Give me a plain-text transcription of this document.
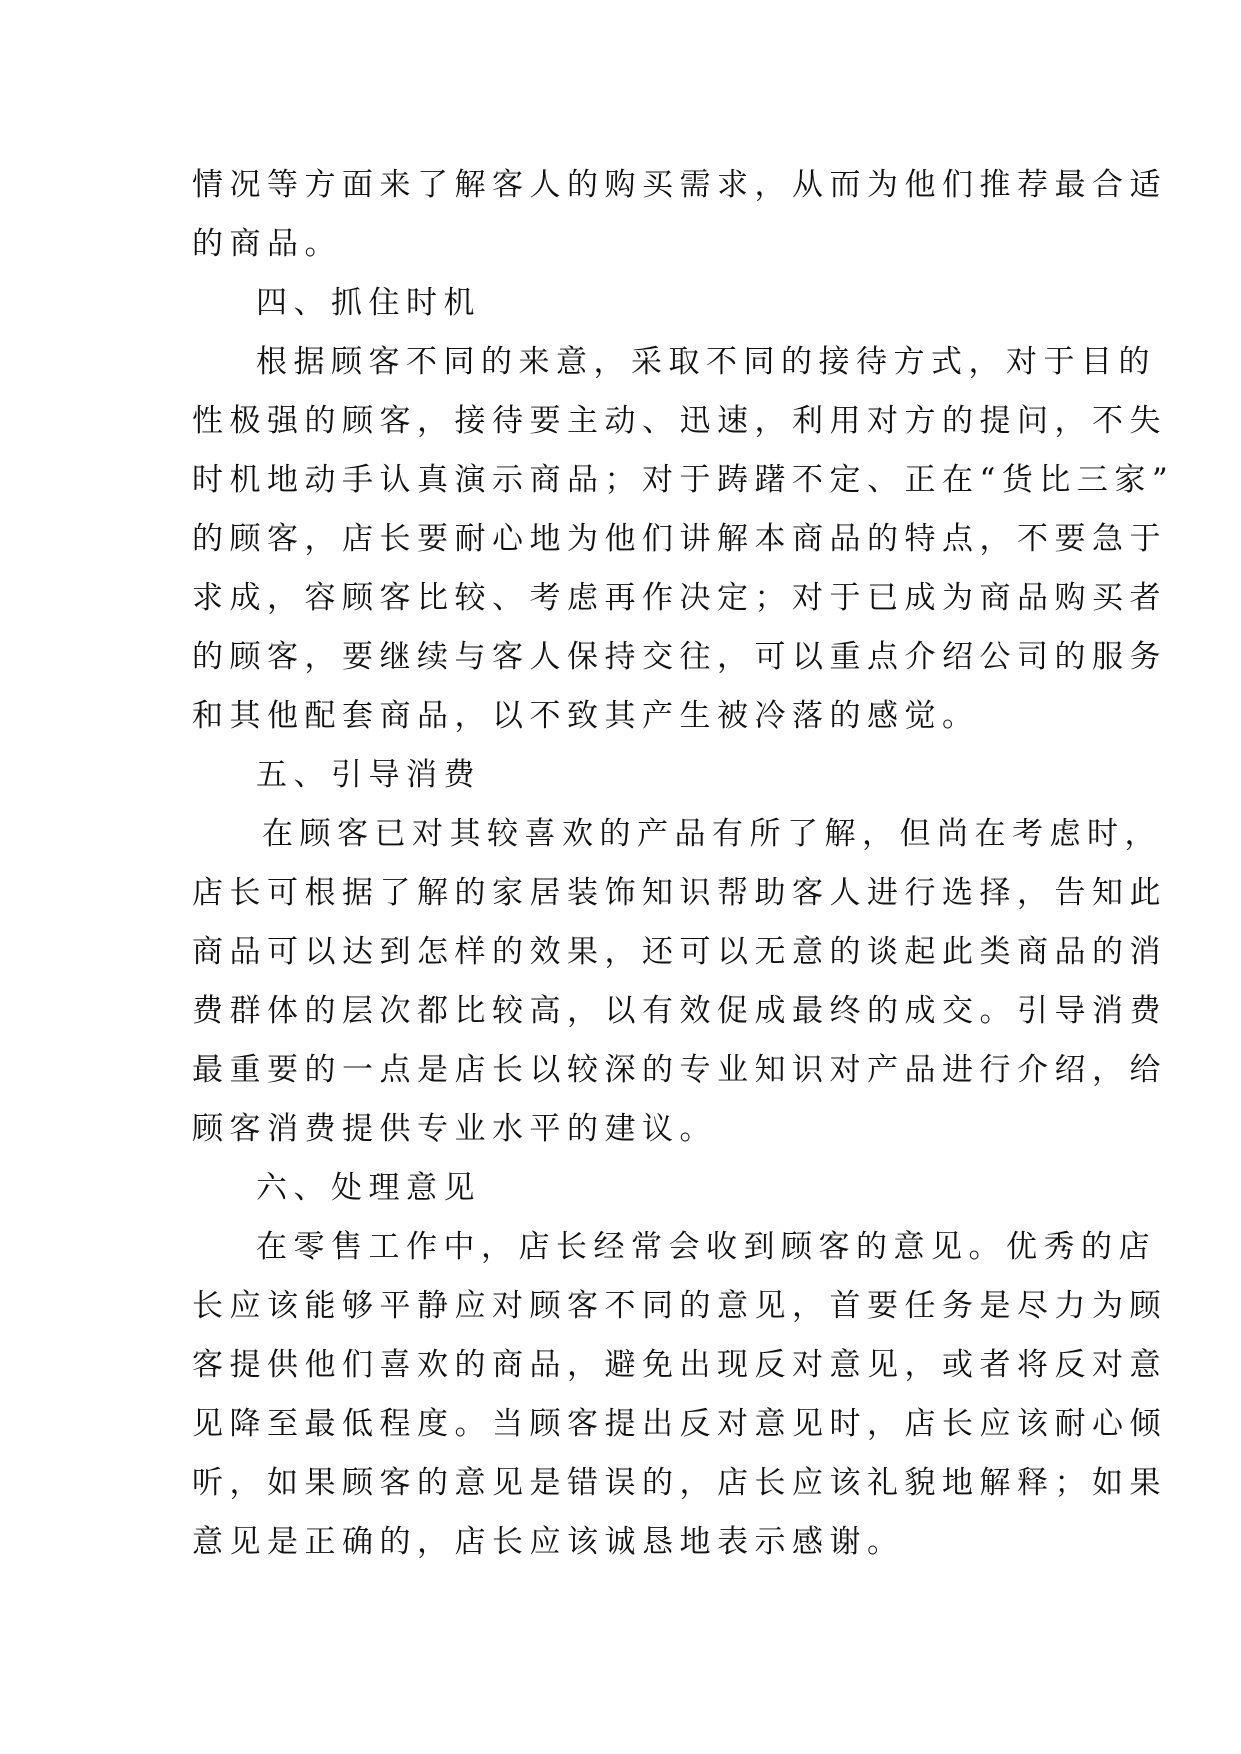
情况等方面来了解客人的购买需求，从而为他们推荐最合适

的商品。

四、抓住时机

根据顾客不同的来意，采取不同的接待方式，对于目的

性极强的顾客，接待要主动、迅速，利用对方的提问，不失

时机地动手认真演示商品；对于踌躇不定、正在“货比三家”

的顾客，店长要耐心地为他们讲解本商品的特点，不要急于

求成，容顾客比较、考虑再作决定；对于已成为商品购买者

的顾客，要继续与客人保持交往，可以重点介绍公司的服务

和其他配套商品，以不致其产生被冷落的感觉。

五、引导消费

在顾客已对其较喜欢的产品有所了解，但尚在考虑时，

店长可根据了解的家居装饰知识帮助客人进行选择，告知此

商品可以达到怎样的效果，还可以无意的谈起此类商品的消

费群体的层次都比较高，以有效促成最终的成交。引导消费

最重要的一点是店长以较深的专业知识对产品进行介绍，给

顾客消费提供专业水平的建议。

六、处理意见

在零售工作中，店长经常会收到顾客的意见。优秀的店

长应该能够平静应对顾客不同的意见，首要任务是尽力为顾

客提供他们喜欢的商品，避免出现反对意见，或者将反对意

见降至最低程度。当顾客提出反对意见时，店长应该耐心倾

听，如果顾客的意见是错误的，店长应该礼貌地解释；如果

意见是正确的，店长应该诚恳地表示感谢。
